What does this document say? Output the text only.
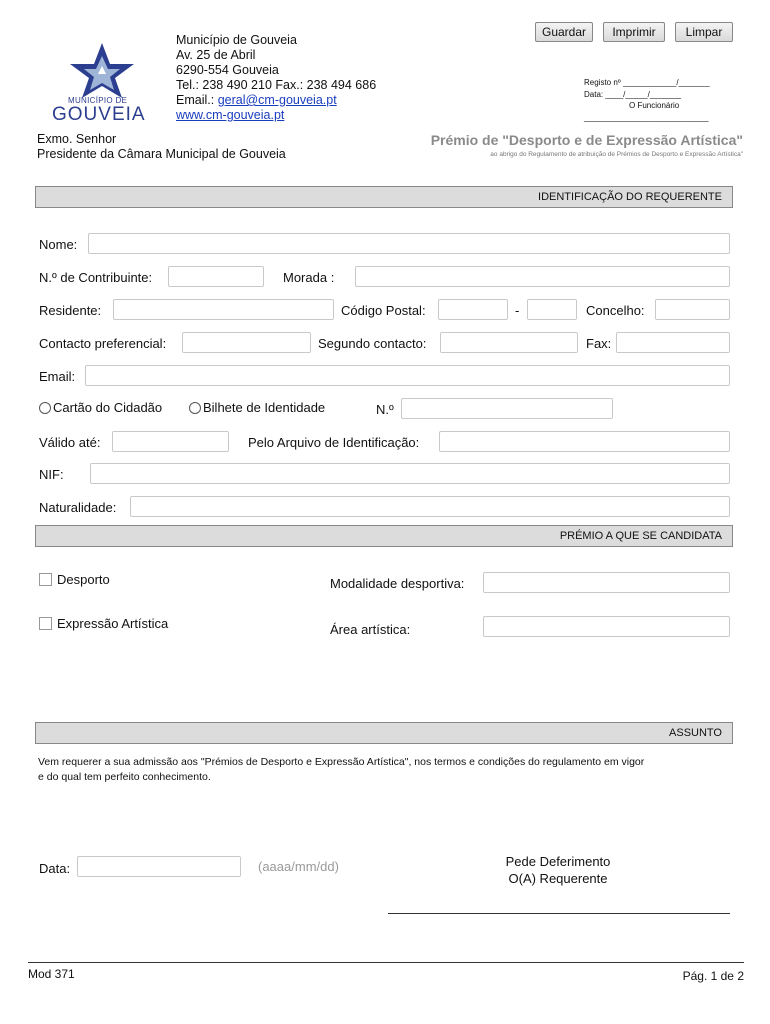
Guardar	Imprimir	Limpar
MUNICÍPIO DE
GOUVEIA
Município de Gouveia
Av. 25 de Abril
6290-554 Gouveia
Tel.: 238 490 210 Fax.: 238 494 686
Email.: geral@cm-gouveia.pt
www.cm-gouveia.pt
Registo nº ____________/_______
Data: ____/_____/_______
O Funcionário
____________________________
Exmo. Senhor
Presidente da Câmara Municipal de Gouveia
Prémio de "Desporto e de Expressão Artística"
ao abrigo do Regulamento de atribuição de Prémios de Desporto e Expressão Artística"
IDENTIFICAÇÃO DO REQUERENTE
Nome:
N.º de Contribuinte:	Morada :
Residente:	Código Postal:	-	Concelho:
Contacto preferencial:	Segundo contacto:	Fax:
Email:
Cartão do Cidadão	Bilhete de Identidade	N.º
Válido até:	Pelo Arquivo de Identificação:
NIF:
Naturalidade:
PRÉMIO A QUE SE CANDIDATA
Desporto	Modalidade desportiva:
Expressão Artística	Área artística:
ASSUNTO
Vem requerer a sua admissão aos "Prémios de Desporto e Expressão Artística", nos termos e condições do regulamento em vigor
e do qual tem perfeito conhecimento.
Data:	(aaaa/mm/dd)	Pede Deferimento
O(A) Requerente
Mod 371	Pág. 1 de 2
